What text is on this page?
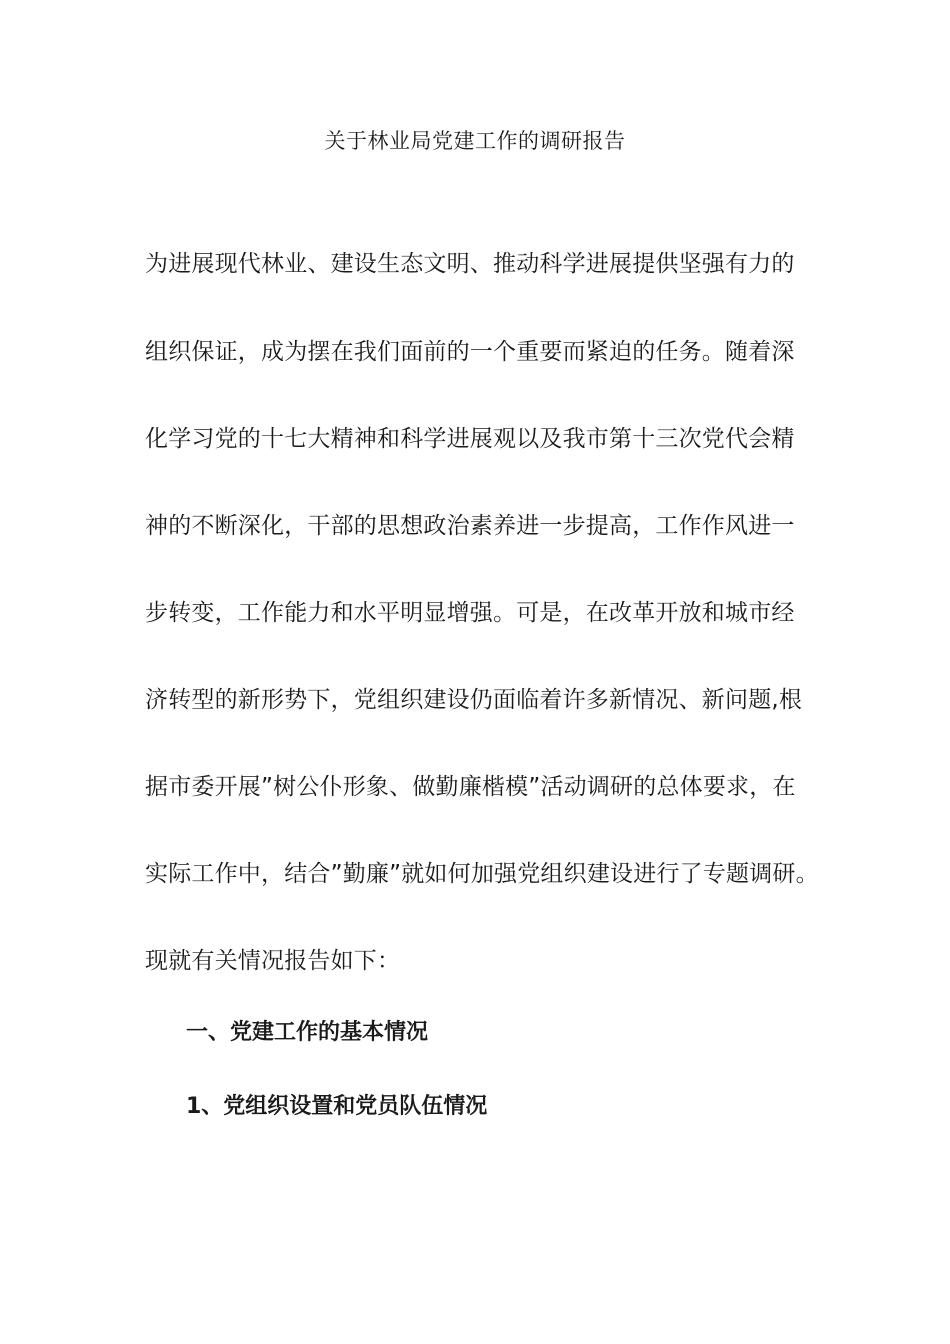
关于林业局党建工作的调研报告
为进展现代林业、建设生态文明、推动科学进展提供坚强有力的
组织保证，成为摆在我们面前的一个重要而紧迫的任务。随着深
化学习党的十七大精神和科学进展观以及我市第十三次党代会精
神的不断深化，干部的思想政治素养进一步提高，工作作风进一
步转变，工作能力和水平明显增强。可是，在改革开放和城市经
济转型的新形势下，党组织建设仍面临着许多新情况、新问题,根
据市委开展”树公仆形象、做勤廉楷模”活动调研的总体要求，在
实际工作中，结合”勤廉”就如何加强党组织建设进行了专题调研。
现就有关情况报告如下：
一、党建工作的基本情况
1、党组织设置和党员队伍情况
